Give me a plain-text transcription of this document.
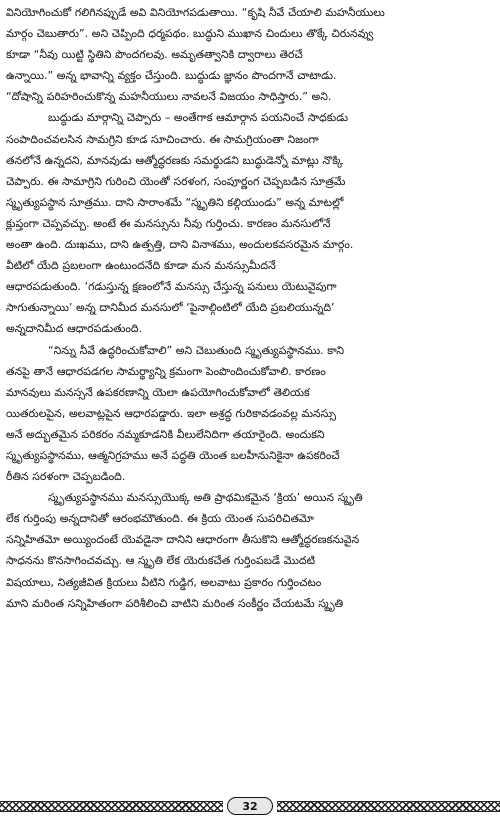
వినియోగించుకో గలిగినప్పుడే అవి వినియోగపడుతాయి. “కృషి నీవే చేయాలి మహనీయులు
మార్గం చెబుతారు”. అని చెప్పింది ధర్మపథం. బుద్ధుని ముఖాన చిందులు తొక్కే చిరునవ్వు
కూడా “నీవు యిట్టి స్థితిని పొందగలవు. అమృతత్వానికి ద్వారాలు తెరచే
ఉన్నాయి.” అన్న భావాన్ని వ్యక్తం చేస్తుంది. బుద్ధుడు జ్ఞానం పొందగానే చాటాడు.
“దోషాన్ని పరిహరించుకొన్న మహనీయులు నావలనే విజయం సాధిస్తారు.” అని.

బుద్ధుడు మార్గాన్ని చెప్పారు – అంతేగాక ఆమార్గాన పయనించే సాధకుడు
సంపాదించవలసిన సామగ్రిని కూడ సూచించారు. ఈ సామగ్రియంతా నిజంగా
తనలోనే ఉన్నదని, మానవుడు ఆత్మోద్ధరణకు సమర్థుడని బుద్ధుడెన్నో మాట్లు నొక్కి
చెప్పారు. ఈ సామాగ్రిని గురించి యెంతో సరళంగ, సంపూర్ణంగ చెప్పబడిన సూత్రమే
స్మృత్యుపస్థాన సూత్రము. దాని సారాంశమే “స్మృతిని కల్గియుండు” అన్న మాటల్లో
క్లుప్తంగా చెప్పవచ్చు. అంటే ఈ మనస్సును నీవు గుర్తించు. కారణం మనసులోనే
అంతా ఉంది. దుఃఖము, దాని ఉత్పత్తి, దాని వినాశము, అందులకవసరమైన మార్గం.
వీటిలో యేది ప్రబలంగా ఉంటుందనేది కూడా మన మనస్సుమీదనే
ఆధారపడుతుంది. ‘గడుస్తున్న క్షణంలోనే మనస్సు చేస్తున్న పనులు యెటువైపుగా
సాగుతున్నాయి’ అన్న దానిమీద మనసులో ‘పైనాల్గింటిలో యేది ప్రబలియున్నది’
అన్నదానిమీద ఆధారపడుతుంది.

“నిన్ను నీవే ఉద్ధరించుకోవాలి” అని చెబుతుంది స్మృత్యుపస్థానము. కాని
తనపై తానే ఆధారపడగల సామర్థ్యాన్ని క్రమంగా పెంపొందించుకోవాలి. కారణం
మానవులు మనస్సనే ఉపకరణాన్ని యెలా ఉపయోగించుకోవాలో తెలియక
యితరులపైన, అలవాట్లపైన ఆధారపడ్డారు. ఇలా అశ్రద్ధ గురికావడంవల్ల మనస్సు
అనే అద్భుతమైన పరికరం నమ్మకూడనికి వీలులేనిదిగా తయారైంది. అందుకని
స్మృత్యుపస్థానము, ఆత్మనిగ్రహము అనే పద్ధతి యెంత బలహీనునికైనా ఉపకరించే
రీతిన సరళంగా చెప్పబడింది.

స్మృత్యుపస్థానము మనస్సుయొక్క అతి ప్రాథమికమైన ‘క్రియ’ అయిన స్మృతి
లేక గుర్తింపు అన్నదానితో ఆరంభమౌతుంది. ఈ క్రియ యెంత సుపరిచితమో
సన్నిహితమో అయ్యిందంటే యెవడైనా దానిని ఆధారంగా తీసుకొని ఆత్మోద్ధరణకనువైన
సాధనను కొనసాగించవచ్చు. ఆ స్మృతి లేక యెరుకచేత గుర్తింపబడే మొదటి
విషయాలు, నిత్యజీవిత క్రియలు వీటిని గుడ్డిగ, అలవాటు ప్రకారం గుర్తించటం
మాని మరింత సన్నిహితంగా పరిశీలించి వాటిని మరింత సంకీర్ణం చేయటమే స్మృతి

32
